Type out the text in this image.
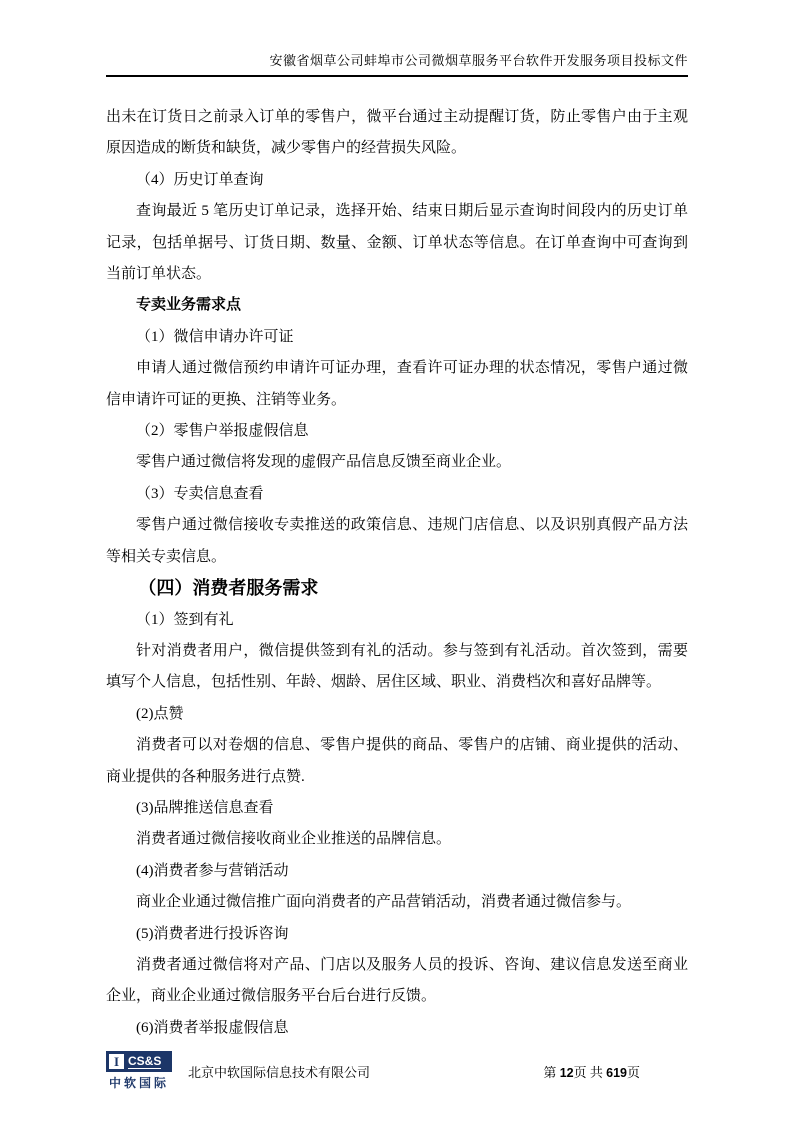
安徽省烟草公司蚌埠市公司微烟草服务平台软件开发服务项目投标文件

出未在订货日之前录入订单的零售户，微平台通过主动提醒订货，防止零售户由于主观原因造成的断货和缺货，减少零售户的经营损失风险。

（4）历史订单查询

查询最近 5 笔历史订单记录，选择开始、结束日期后显示查询时间段内的历史订单记录，包括单据号、订货日期、数量、金额、订单状态等信息。在订单查询中可查询到当前订单状态。

专卖业务需求点

（1）微信申请办许可证

申请人通过微信预约申请许可证办理，查看许可证办理的状态情况，零售户通过微信申请许可证的更换、注销等业务。

（2）零售户举报虚假信息

零售户通过微信将发现的虚假产品信息反馈至商业企业。

（3）专卖信息查看

零售户通过微信接收专卖推送的政策信息、违规门店信息、以及识别真假产品方法等相关专卖信息。

（四）消费者服务需求

（1）签到有礼

针对消费者用户，微信提供签到有礼的活动。参与签到有礼活动。首次签到，需要填写个人信息，包括性别、年龄、烟龄、居住区域、职业、消费档次和喜好品牌等。

(2)点赞

消费者可以对卷烟的信息、零售户提供的商品、零售户的店铺、商业提供的活动、商业提供的各种服务进行点赞.

(3)品牌推送信息查看

消费者通过微信接收商业企业推送的品牌信息。

(4)消费者参与营销活动

商业企业通过微信推广面向消费者的产品营销活动，消费者通过微信参与。

(5)消费者进行投诉咨询

消费者通过微信将对产品、门店以及服务人员的投诉、咨询、建议信息发送至商业企业，商业企业通过微信服务平台后台进行反馈。

(6)消费者举报虚假信息

I CS&S
中软国际
北京中软国际信息技术有限公司	第 12页 共 619页
